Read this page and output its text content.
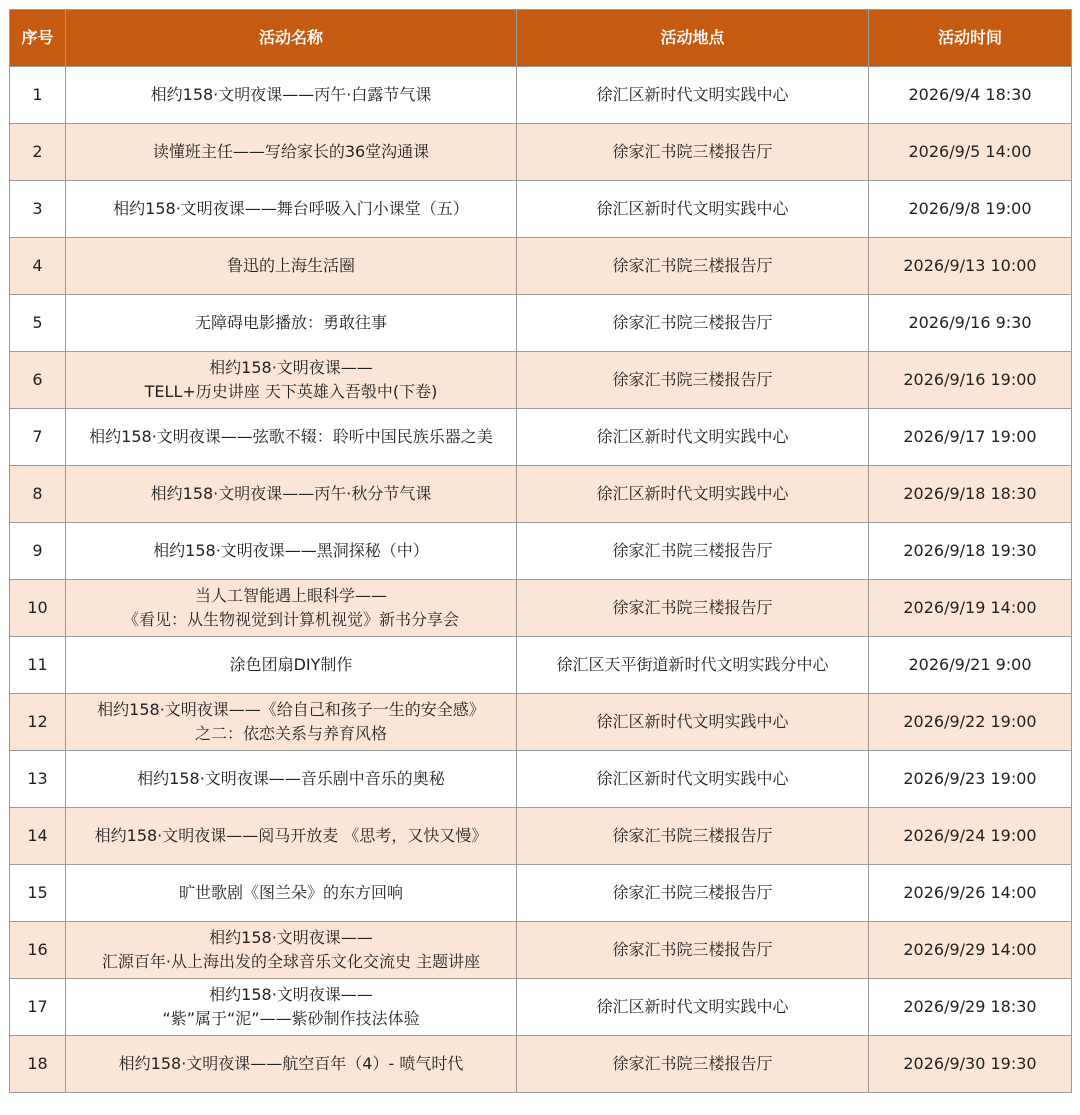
序号	活动名称	活动地点	活动时间
1	相约158·文明夜课——丙午·白露节气课	徐汇区新时代文明实践中心	2026/9/4 18:30
2	读懂班主任——写给家长的36堂沟通课	徐家汇书院三楼报告厅	2026/9/5 14:00
3	相约158·文明夜课——舞台呼吸入门小课堂（五）	徐汇区新时代文明实践中心	2026/9/8 19:00
4	鲁迅的上海生活圈	徐家汇书院三楼报告厅	2026/9/13 10:00
5	无障碍电影播放：勇敢往事	徐家汇书院三楼报告厅	2026/9/16 9:30
6	相约158·文明夜课——
TELL+历史讲座 天下英雄入吾彀中(下卷)	徐家汇书院三楼报告厅	2026/9/16 19:00
7	相约158·文明夜课——弦歌不辍：聆听中国民族乐器之美	徐汇区新时代文明实践中心	2026/9/17 19:00
8	相约158·文明夜课——丙午·秋分节气课	徐汇区新时代文明实践中心	2026/9/18 18:30
9	相约158·文明夜课——黑洞探秘（中）	徐家汇书院三楼报告厅	2026/9/18 19:30
10	当人工智能遇上眼科学——
《看见：从生物视觉到计算机视觉》新书分享会	徐家汇书院三楼报告厅	2026/9/19 14:00
11	涂色团扇DIY制作	徐汇区天平街道新时代文明实践分中心	2026/9/21 9:00
12	相约158·文明夜课——《给自己和孩子一生的安全感》
之二：依恋关系与养育风格	徐汇区新时代文明实践中心	2026/9/22 19:00
13	相约158·文明夜课——音乐剧中音乐的奥秘	徐汇区新时代文明实践中心	2026/9/23 19:00
14	相约158·文明夜课——阅马开放麦 《思考，又快又慢》	徐家汇书院三楼报告厅	2026/9/24 19:00
15	旷世歌剧《图兰朵》的东方回响	徐家汇书院三楼报告厅	2026/9/26 14:00
16	相约158·文明夜课——
汇源百年·从上海出发的全球音乐文化交流史 主题讲座	徐家汇书院三楼报告厅	2026/9/29 14:00
17	相约158·文明夜课——
“紫”属于“泥”——紫砂制作技法体验	徐汇区新时代文明实践中心	2026/9/29 18:30
18	相约158·文明夜课——航空百年（4）- 喷气时代	徐家汇书院三楼报告厅	2026/9/30 19:30
